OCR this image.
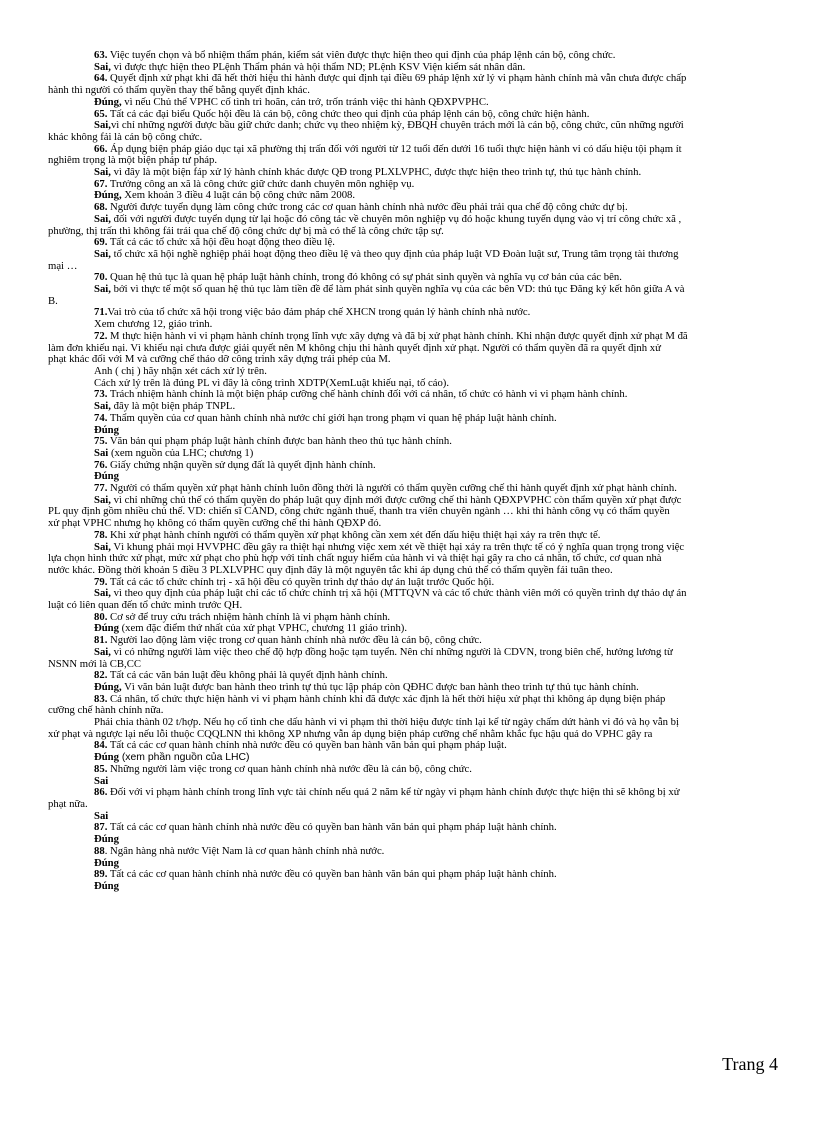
63. Việc tuyển chọn và bổ nhiệm thẩm phán, kiểm sát viên được thực hiện theo qui định của pháp lệnh cán bộ, công chức.

Sai, vì được thực hiện theo PLệnh Thẩm phán và hội thẩm ND; PLệnh KSV Viện kiểm sát nhân dân.

64. Quyết định xử phạt khi đã hết thời hiệu thi hành được qui định tại điều 69 pháp lệnh xử lý vi phạm hành chính mà vẫn chưa được chấp

hành thì người có thẩm quyền thay thế bằng quyết định khác.

Đúng, vì nếu Chủ thể VPHC cố tình trì hoãn, cản trở, trốn tránh việc thi hành QĐXPVPHC.

65. Tất cả các đại biểu Quốc hội đều là cán bộ, công chức theo qui định của pháp lệnh cán bộ, công chức hiện hành.

Sai,vì chỉ những người được bầu giữ chức danh; chức vụ theo nhiệm kỳ, ĐBQH chuyên trách mới là cán bộ, công chức, cũn những người

khác không fải là cán bộ công chức.

66. Áp dụng biện pháp giáo dục tại xã phường thị trấn đối với người từ 12 tuổi đến dưới 16 tuổi thực hiện hành vi có dấu hiệu tội phạm ít

nghiêm trọng là một biện pháp tư pháp.

Sai, vì đây là một biện fáp xử lý hành chính khác được QĐ trong PLXLVPHC, được thực hiện theo trình tự, thủ tục hành chính.

67. Trưởng công an xã là công chức giữ chức danh chuyên môn nghiệp vụ.

Đúng, Xem khoản 3 điều 4 luật cán bộ công chức năm 2008.

68. Người được tuyển dụng làm công chức trong các cơ quan hành chính nhà nước đều phải trải qua chế độ công chức dự bị.

Sai, đối với người được tuyển dụng từ lại hoặc đó công tác về chuyên môn nghiệp vụ đó hoặc khung tuyển dụng vào vị trí công chức xã ,

phường, thị trấn thì không fải trải qua chế độ công chức dự bị mà có thể là công chức tập sự.

69. Tất cả các tổ chức xã hội đều hoạt động theo điều lệ.

Sai, tổ chức xã hội nghề nghiệp phải hoạt động theo điều lệ và theo quy định của pháp luật VD Đoàn luật sư, Trung tâm trọng tài thương

mại …

70. Quan hệ thủ tục là quan hệ pháp luật hành chính, trong đó không có sự phát sinh quyền và nghĩa vụ cơ bản của các bên.

Sai, bởi vì thực tế một số quan hệ thủ tục làm tiền đề để làm phát sinh quyền nghĩa vụ của các bên VD: thủ tục Đăng ký kết hôn giữa A và

B.

71.Vai trò của tổ chức xã hội trong việc bảo đảm pháp chế XHCN trong quản lý hành chính nhà nước.

Xem chương 12, giáo trình.

72. M thực hiện hành vi vi phạm hành chính trọng lĩnh vực xây dựng và đã bị xử phạt hành chính. Khi nhận được quyết định xử phạt M đã

làm đơn khiếu nại. Vì khiếu nại chưa được giải quyết nên M không chịu thi hành quyết định xử phạt. Người có thẩm quyền đã ra quyết định xử

phạt khác đối với M và cưỡng chế tháo dỡ công trình xây dựng trái phép của M.

Anh ( chị ) hãy nhận xét cách xử lý trên.

Cách xử lý trên là đúng PL vì đây là công trình XDTP(XemLuật khiếu nại, tố cáo).

73. Trách nhiệm hành chính là một biện pháp cưỡng chế hành chính đối với cá nhân, tổ chức có hành vi vi phạm hành chính.

Sai, đây là một biện pháp TNPL.

74. Thẩm quyền của cơ quan hành chính nhà nước chỉ giới hạn trong phạm vi quan hệ pháp luật hành chính.

Đúng

75. Văn bản qui phạm pháp luật hành chính được ban hành theo thủ tục hành chính.

Sai (xem nguồn của LHC; chương 1)

76. Giấy chứng nhận quyền sử dụng đất là quyết định hành chính.

Đúng

77. Người có thẩm quyền xử phạt hành chính luôn đồng thời là người có thẩm quyền cưỡng chế thi hành quyết định xử phạt hành chính.

Sai, vì chỉ những chủ thể có thẩm quyền do pháp luật quy định mới được cưỡng chế thi hành QĐXPVPHC còn thẩm quyền xử phạt được

PL quy định gồm nhiều chủ thể. VD: chiến sĩ CAND, công chức ngành thuế, thanh tra viên chuyên ngành … khi thi hành công vụ có thẩm quyền

xử phạt VPHC nhưng họ không có thẩm quyền cưỡng chế thi hành QĐXP đó.

78. Khi xử phạt hành chính người có thẩm quyền xử phạt không cần xem xét đến dấu hiệu thiệt hại xảy ra trên thực tế.

Sai, Vì khung phải mọi HVVPHC đều gây ra thiệt hại nhưng việc xem xét về thiệt hại xảy ra trên thực tế có ý nghĩa quan trọng trong việc

lựa chọn hình thức xử phạt, mức xử phạt cho phù hợp với tính chất nguy hiểm của hành vi và thiệt hại gây ra cho cá nhân, tổ chức, cơ quan nhà

nước khác. Đồng thời khoản 5 điều 3 PLXLVPHC quy định đây là một nguyên tắc khi áp dụng chủ thể có thẩm quyền fải tuân theo.

79. Tất cả các tổ chức chính trị - xã hội đều có quyền trình dự thảo dự án luật trước Quốc hội.

Sai, vì theo quy định của pháp luật chỉ các tổ chức chính trị xã hội (MTTQVN và các tổ chức thành viên mới có quyền trình dự thảo dự án

luật có liên quan đến tổ chức mình trước QH.

80. Cơ sở để truy cứu trách nhiệm hành chính là vi phạm hành chính.

Đúng (xem đặc điểm thứ nhất của xử phạt VPHC, chương 11 giáo trình).

81. Người lao động làm việc trong cơ quan hành chính nhà nước đều là cán bộ, công chức.

Sai, vì có những người làm việc theo chế độ hợp đồng hoặc tạm tuyển. Nên chỉ những người là CDVN, trong biên chế, hưởng lương từ

NSNN mới là CB,CC

82. Tất cả các văn bản luật đều không phải là quyết định hành chính.

Đúng, Vì văn bản luật được ban hành theo trình tự thủ tục lập pháp còn QĐHC được ban hành theo trình tự thủ tục hành chính.

83. Cá nhân, tổ chức thực hiện hành vi vi phạm hành chính khi đã được xác định là hết thời hiệu xử phạt thì không áp dụng biện pháp

cưỡng chế hành chính nữa.

Phải chia thành 02 t/hợp. Nếu họ cố tình che dấu hành vi vi phạm thì thời hiệu được tính lại kể từ ngày chấm dứt hành vi đó và họ vẫn bị

xử phạt và ngược lại nếu lỗi thuộc CQQLNN thì không XP nhưng vẫn áp dụng biện pháp cưỡng chế nhằm khắc fục hậu quả do VPHC gây ra

84. Tất cả các cơ quan hành chính nhà nước đều có quyền ban hành văn bản qui phạm pháp luật.

Đúng (xem phần nguồn của LHC)

85. Những người làm việc trong cơ quan hành chính nhà nước đều là cán bộ, công chức.

Sai

86. Đối với vi phạm hành chính trong lĩnh vực tài chính nếu quá 2 năm kể từ ngày vi phạm hành chính được thực hiện thì sẽ không bị xử

phạt nữa.

Sai

87. Tất cả các cơ quan hành chính nhà nước đều có quyền ban hành văn bản qui phạm pháp luật hành chính.

Đúng

88. Ngân hàng nhà nước Việt Nam là cơ quan hành chính nhà nước.

Đúng

89. Tất cả các cơ quan hành chính nhà nước đều có quyền ban hành văn bản qui phạm pháp luật hành chính.

Đúng

Trang 4
